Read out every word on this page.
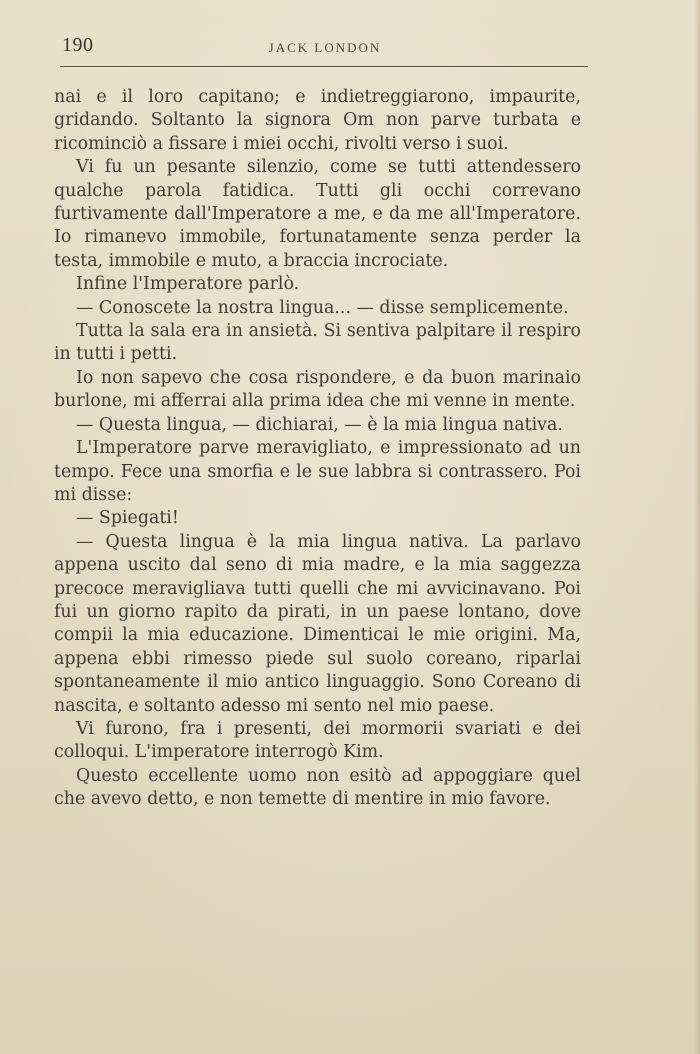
190	JACK LONDON

nai e il loro capitano; e indietreggiarono, impaurite, gridando. Soltanto la signora Om non parve turbata e ricominciò a fissare i miei occhi, rivolti verso i suoi.

Vi fu un pesante silenzio, come se tutti attendessero qualche parola fatidica. Tutti gli occhi correvano furtivamente dall'Imperatore a me, e da me all'Imperatore. Io rimanevo immobile, fortunatamente senza perder la testa, immobile e muto, a braccia incrociate.

Infine l'Imperatore parlò.

— Conoscete la nostra lingua... — disse semplicemente.

Tutta la sala era in ansietà. Si sentiva palpitare il respiro in tutti i petti.

Io non sapevo che cosa rispondere, e da buon marinaio burlone, mi afferrai alla prima idea che mi venne in mente.

— Questa lingua, — dichiarai, — è la mia lingua nativa.

L'Imperatore parve meravigliato, e impressionato ad un tempo. Fece una smorfia e le sue labbra si contrassero. Poi mi disse:

— Spiegati!

— Questa lingua è la mia lingua nativa. La parlavo appena uscito dal seno di mia madre, e la mia saggezza precoce meravigliava tutti quelli che mi avvicinavano. Poi fui un giorno rapito da pirati, in un paese lontano, dove compii la mia educazione. Dimenticai le mie origini. Ma, appena ebbi rimesso piede sul suolo coreano, riparlai spontaneamente il mio antico linguaggio. Sono Coreano di nascita, e soltanto adesso mi sento nel mio paese.

Vi furono, fra i presenti, dei mormorii svariati e dei colloqui. L'imperatore interrogò Kim.

Questo eccellente uomo non esitò ad appoggiare quel che avevo detto, e non temette di mentire in mio favore.
